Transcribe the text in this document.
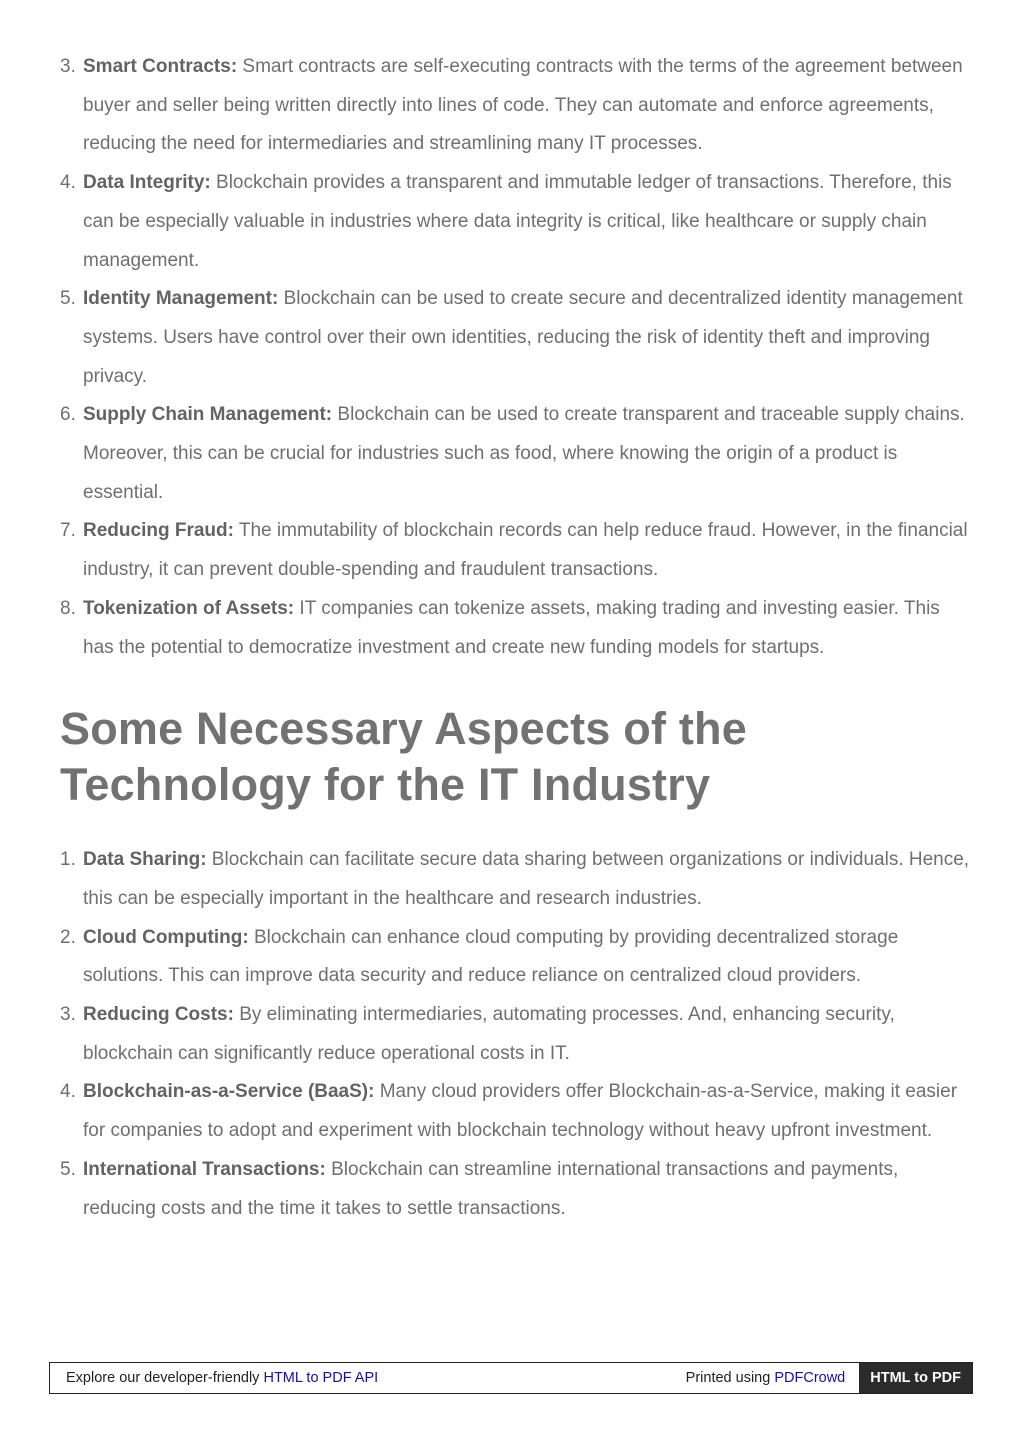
3. Smart Contracts: Smart contracts are self-executing contracts with the terms of the agreement between buyer and seller being written directly into lines of code. They can automate and enforce agreements, reducing the need for intermediaries and streamlining many IT processes.
4. Data Integrity: Blockchain provides a transparent and immutable ledger of transactions. Therefore, this can be especially valuable in industries where data integrity is critical, like healthcare or supply chain management.
5. Identity Management: Blockchain can be used to create secure and decentralized identity management systems. Users have control over their own identities, reducing the risk of identity theft and improving privacy.
6. Supply Chain Management: Blockchain can be used to create transparent and traceable supply chains. Moreover, this can be crucial for industries such as food, where knowing the origin of a product is essential.
7. Reducing Fraud: The immutability of blockchain records can help reduce fraud. However, in the financial industry, it can prevent double-spending and fraudulent transactions.
8. Tokenization of Assets: IT companies can tokenize assets, making trading and investing easier. This has the potential to democratize investment and create new funding models for startups.
Some Necessary Aspects of the Technology for the IT Industry
1. Data Sharing: Blockchain can facilitate secure data sharing between organizations or individuals. Hence, this can be especially important in the healthcare and research industries.
2. Cloud Computing: Blockchain can enhance cloud computing by providing decentralized storage solutions. This can improve data security and reduce reliance on centralized cloud providers.
3. Reducing Costs: By eliminating intermediaries, automating processes. And, enhancing security, blockchain can significantly reduce operational costs in IT.
4. Blockchain-as-a-Service (BaaS): Many cloud providers offer Blockchain-as-a-Service, making it easier for companies to adopt and experiment with blockchain technology without heavy upfront investment.
5. International Transactions: Blockchain can streamline international transactions and payments, reducing costs and the time it takes to settle transactions.
Explore our developer-friendly HTML to PDF API	Printed using PDFCrowd	HTML to PDF
